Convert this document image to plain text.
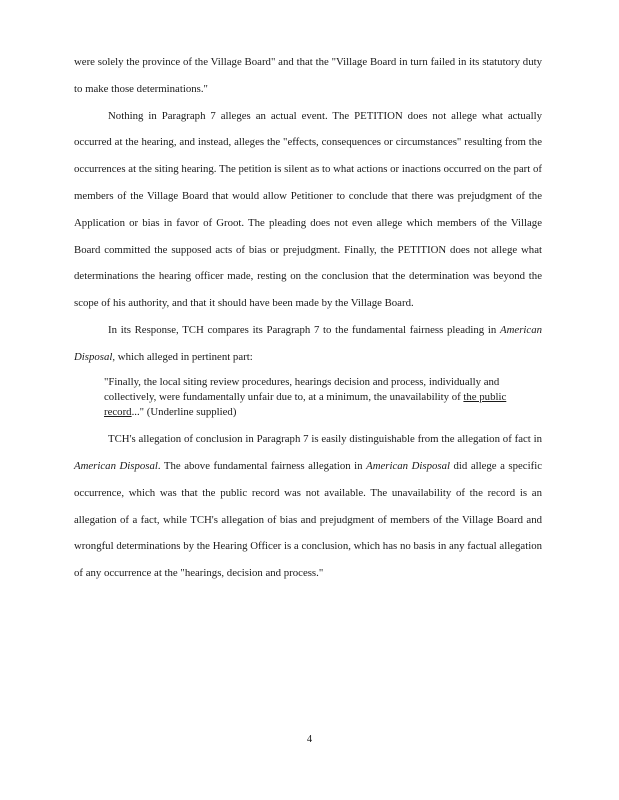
were solely the province of the Village Board" and that the "Village Board in turn failed in its statutory duty to make those determinations."

Nothing in Paragraph 7 alleges an actual event. The PETITION does not allege what actually occurred at the hearing, and instead, alleges the "effects, consequences or circumstances" resulting from the occurrences at the siting hearing. The petition is silent as to what actions or inactions occurred on the part of members of the Village Board that would allow Petitioner to conclude that there was prejudgment of the Application or bias in favor of Groot. The pleading does not even allege which members of the Village Board committed the supposed acts of bias or prejudgment. Finally, the PETITION does not allege what determinations the hearing officer made, resting on the conclusion that the determination was beyond the scope of his authority, and that it should have been made by the Village Board.

In its Response, TCH compares its Paragraph 7 to the fundamental fairness pleading in American Disposal, which alleged in pertinent part:

"Finally, the local siting review procedures, hearings decision and process, individually and collectively, were fundamentally unfair due to, at a minimum, the unavailability of the public record..." (Underline supplied)

TCH's allegation of conclusion in Paragraph 7 is easily distinguishable from the allegation of fact in American Disposal. The above fundamental fairness allegation in American Disposal did allege a specific occurrence, which was that the public record was not available. The unavailability of the record is an allegation of a fact, while TCH's allegation of bias and prejudgment of members of the Village Board and wrongful determinations by the Hearing Officer is a conclusion, which has no basis in any factual allegation of any occurrence at the "hearings, decision and process."

4
